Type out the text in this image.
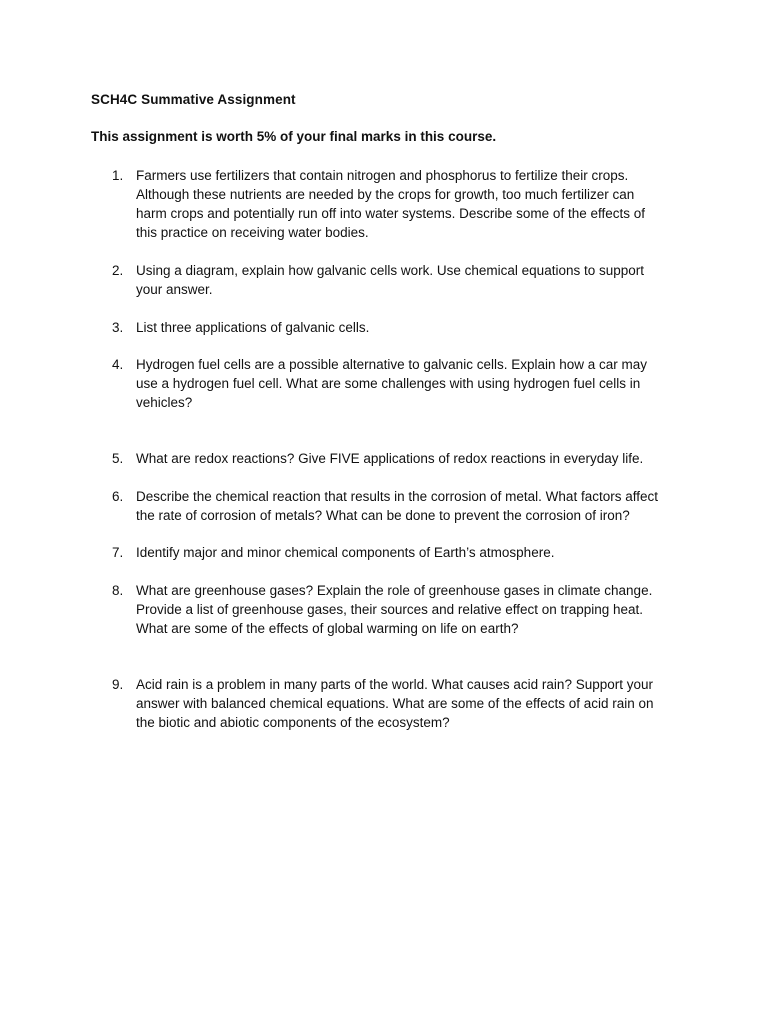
SCH4C Summative Assignment
This assignment is worth 5% of your final marks in this course.
1. Farmers use fertilizers that contain nitrogen and phosphorus to fertilize their crops.
Although these nutrients are needed by the crops for growth, too much fertilizer can
harm crops and potentially run off into water systems. Describe some of the effects of
this practice on receiving water bodies.
2. Using a diagram, explain how galvanic cells work. Use chemical equations to support
your answer.
3. List three applications of galvanic cells.
4. Hydrogen fuel cells are a possible alternative to galvanic cells. Explain how a car may
use a hydrogen fuel cell. What are some challenges with using hydrogen fuel cells in
vehicles?
5. What are redox reactions? Give FIVE applications of redox reactions in everyday life.
6. Describe the chemical reaction that results in the corrosion of metal. What factors affect
the rate of corrosion of metals? What can be done to prevent the corrosion of iron?
7. Identify major and minor chemical components of Earth’s atmosphere.
8. What are greenhouse gases? Explain the role of greenhouse gases in climate change.
Provide a list of greenhouse gases, their sources and relative effect on trapping heat.
What are some of the effects of global warming on life on earth?
9. Acid rain is a problem in many parts of the world. What causes acid rain? Support your
answer with balanced chemical equations. What are some of the effects of acid rain on
the biotic and abiotic components of the ecosystem?
